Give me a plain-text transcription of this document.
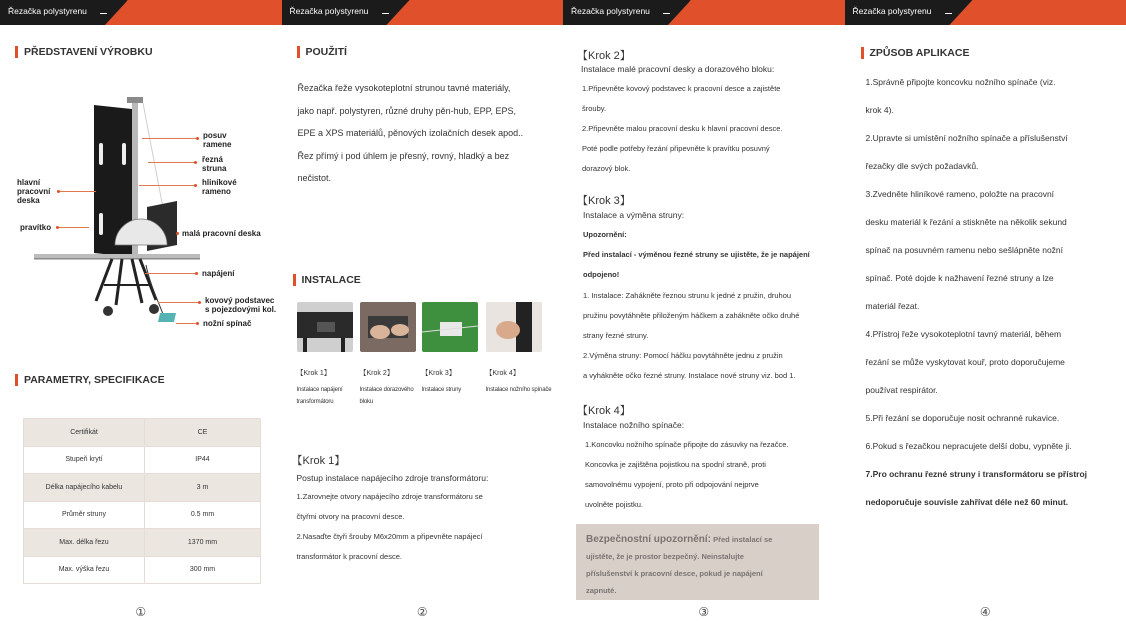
Řezačka polystyrenu
PŘEDSTAVENÍ VÝROBKU
posuv
ramene
řezná
struna
hliníkové
rameno
hlavní
pracovní
deska
pravítko
malá pracovní deska
napájení
kovový podstavec
s pojezdovými kol.
nožní spínač
PARAMETRY, SPECIFIKACE
Certifikát	CE
Stupeň krytí	IP44
Délka napájecího kabelu	3 m
Průměr struny	0.5 mm
Max. délka řezu	1370 mm
Max. výška řezu	300 mm
①
Řezačka polystyrenu
POUŽITÍ

Řezačka řeže vysokoteplotní strunou tavné materiály,

jako např. polystyren, různé druhy pěn-hub, EPP, EPS,

EPE a XPS materiálů, pěnových izolačních desek apod..

Řez přímý i pod úhlem je přesný, rovný, hladký a bez

nečistot.

INSTALACE
【Krok 1】	【Krok 2】	【Krok 3】	【Krok 4】
Instalace napájení
transformátoru
Instalace dorazového
bloku
Instalace struny	Instalace nožního spínače
【Krok 1】
Postup instalace napájecího zdroje transformátoru:

1.Zarovnejte otvory napájecího zdroje transformátoru se

čtyřmi otvory na pracovní desce.

2.Nasaďte čtyři šrouby M6x20mm a připevněte napájecí

transformátor k pracovní desce.

②
Řezačka polystyrenu
【Krok 2】
Instalace malé pracovní desky a dorazového bloku:

1.Připevněte kovový podstavec k pracovní desce a zajistěte

šrouby.

2.Připevněte malou pracovní desku k hlavní pracovní desce.

Poté podle potřeby řezání připevněte k pravítku posuvný

dorazový blok.

【Krok 3】
Instalace a výměna struny:

Upozornění:

Před instalací - výměnou řezné struny se ujistěte, že je napájení

odpojeno!

1. Instalace: Zahákněte řeznou strunu k jedné z pružin, druhou

pružinu povytáhněte přiloženým háčkem a zahákněte očko druhé

strany řezné struny.

2.Výměna struny: Pomocí háčku povytáhněte jednu z pružin

a vyhákněte očko řezné struny. Instalace nové struny viz. bod 1.

【Krok 4】
Instalace nožního spínače:

1.Koncovku nožního spínače připojte do zásuvky na řezačce.

Koncovka je zajištěna pojistkou na spodní straně, proti

samovolnému vypojení, proto při odpojování nejprve

uvolněte pojistku.

Bezpečnostní upozornění: Před instalací se
ujistěte, že je prostor bezpečný. Neinstalujte
příslušenství k pracovní desce, pokud je napájení
zapnuté.
③
Řezačka polystyrenu
ZPŮSOB APLIKACE

1.Správně připojte koncovku nožního spínače (viz.

krok 4).

2.Upravte si umístění nožního spínače a příslušenství

řezačky dle svých požadavků.

3.Zvedněte hliníkové rameno, položte na pracovní

desku materiál k řezání a stiskněte na několik sekund

spínač na posuvném ramenu nebo sešlápněte nožní

spínač. Poté dojde k nažhavení řezné struny a lze

materiál řezat.

4.Přístroj řeže vysokoteplotní tavný materiál, během

řezání se může vyskytovat kouř, proto doporučujeme

používat respirátor.

5.Při řezání se doporučuje nosit ochranné rukavice.

6.Pokud s řezačkou nepracujete delší dobu, vypněte ji.

7.Pro ochranu řezné struny i transformátoru se přístroj

nedoporučuje souvisle zahřívat déle než 60 minut.

④
